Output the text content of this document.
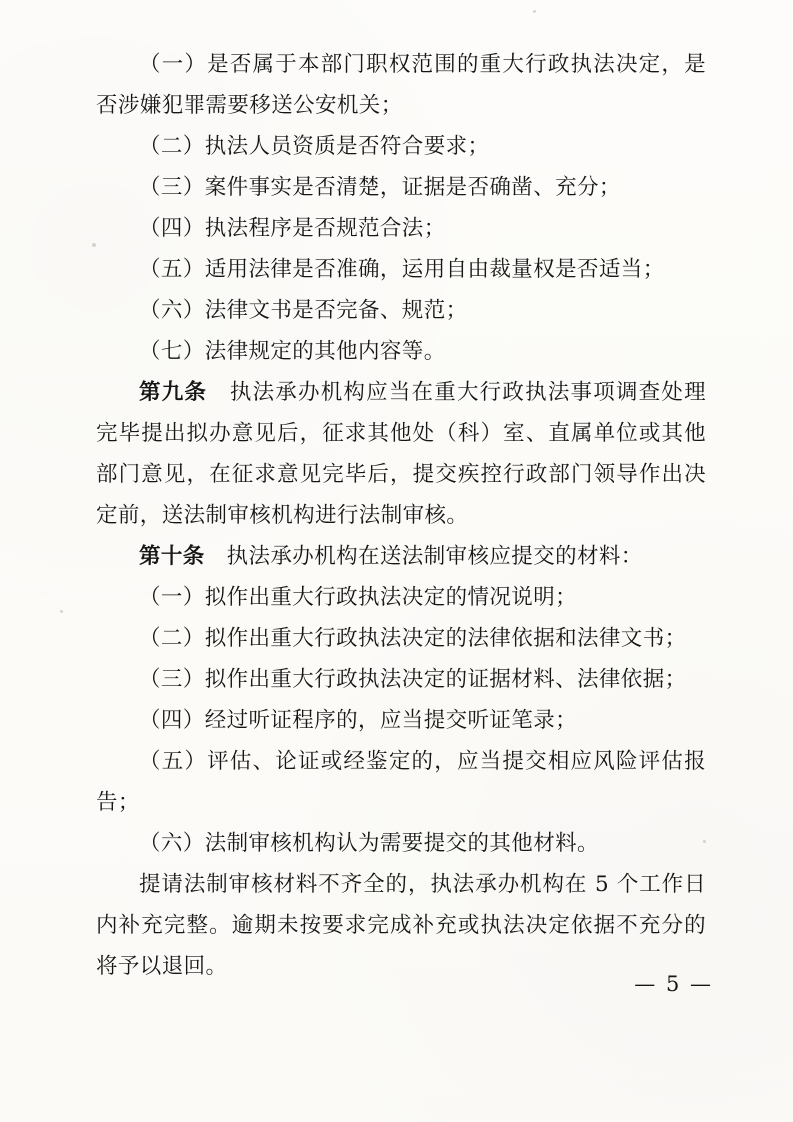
（一）是否属于本部门职权范围的重大行政执法决定，是否涉嫌犯罪需要移送公安机关；

（二）执法人员资质是否符合要求；

（三）案件事实是否清楚，证据是否确凿、充分；

（四）执法程序是否规范合法；

（五）适用法律是否准确，运用自由裁量权是否适当；

（六）法律文书是否完备、规范；

（七）法律规定的其他内容等。

第九条　执法承办机构应当在重大行政执法事项调查处理完毕提出拟办意见后，征求其他处（科）室、直属单位或其他部门意见，在征求意见完毕后，提交疾控行政部门领导作出决定前，送法制审核机构进行法制审核。

第十条　执法承办机构在送法制审核应提交的材料：

（一）拟作出重大行政执法决定的情况说明；

（二）拟作出重大行政执法决定的法律依据和法律文书；

（三）拟作出重大行政执法决定的证据材料、法律依据；

（四）经过听证程序的，应当提交听证笔录；

（五）评估、论证或经鉴定的，应当提交相应风险评估报告；

（六）法制审核机构认为需要提交的其他材料。

提请法制审核材料不齐全的，执法承办机构在 5 个工作日内补充完整。逾期未按要求完成补充或执法决定依据不充分的将予以退回。

— 5 —
